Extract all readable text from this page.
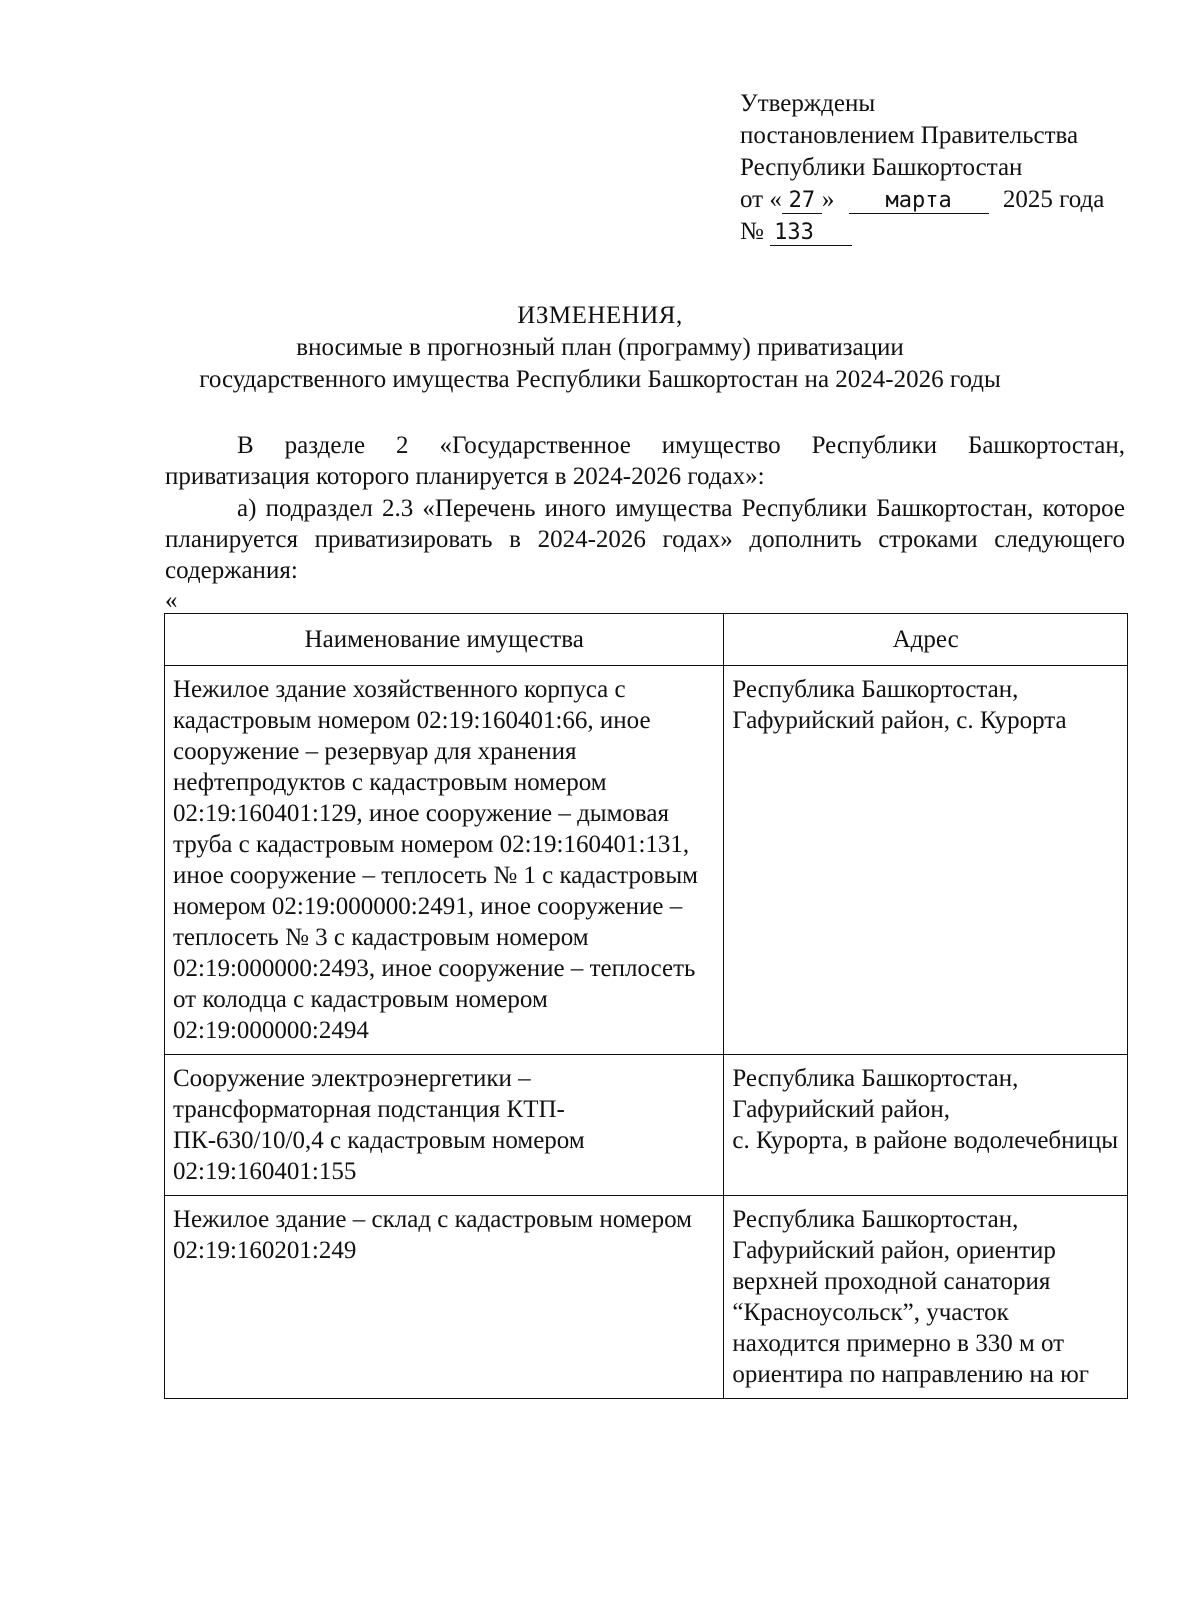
Утверждены
постановлением Правительства
Республики Башкортостан
от « 27 » марта 2025 года
№ 133
ИЗМЕНЕНИЯ,
вносимые в прогнозный план (программу) приватизации
государственного имущества Республики Башкортостан на 2024-2026 годы
В разделе 2 «Государственное имущество Республики Башкортостан, приватизация которого планируется в 2024-2026 годах»:
а) подраздел 2.3 «Перечень иного имущества Республики Башкортостан, которое планируется приватизировать в 2024-2026 годах» дополнить строками следующего содержания:
«
Наименование имущества	Адрес
Нежилое здание хозяйственного корпуса с кадастровым номером 02:19:160401:66, иное сооружение – резервуар для хранения нефтепродуктов с кадастровым номером 02:19:160401:129, иное сооружение – дымовая труба с кадастровым номером 02:19:160401:131, иное сооружение – теплосеть № 1 с кадастровым номером 02:19:000000:2491, иное сооружение – теплосеть № 3 с кадастровым номером 02:19:000000:2493, иное сооружение – теплосеть от колодца с кадастровым номером 02:19:000000:2494	Республика Башкортостан, Гафурийский район, с. Курорта
Сооружение электроэнергетики – трансформаторная подстанция КТП-ПК-630/10/0,4 с кадастровым номером 02:19:160401:155	Республика Башкортостан,
Гафурийский район,
с. Курорта, в районе водолечебницы
Нежилое здание – склад с кадастровым номером 02:19:160201:249	Республика Башкортостан, Гафурийский район, ориентир верхней проходной санатория “Красноусольск”, участок находится примерно в 330 м от ориентира по направлению на юг
